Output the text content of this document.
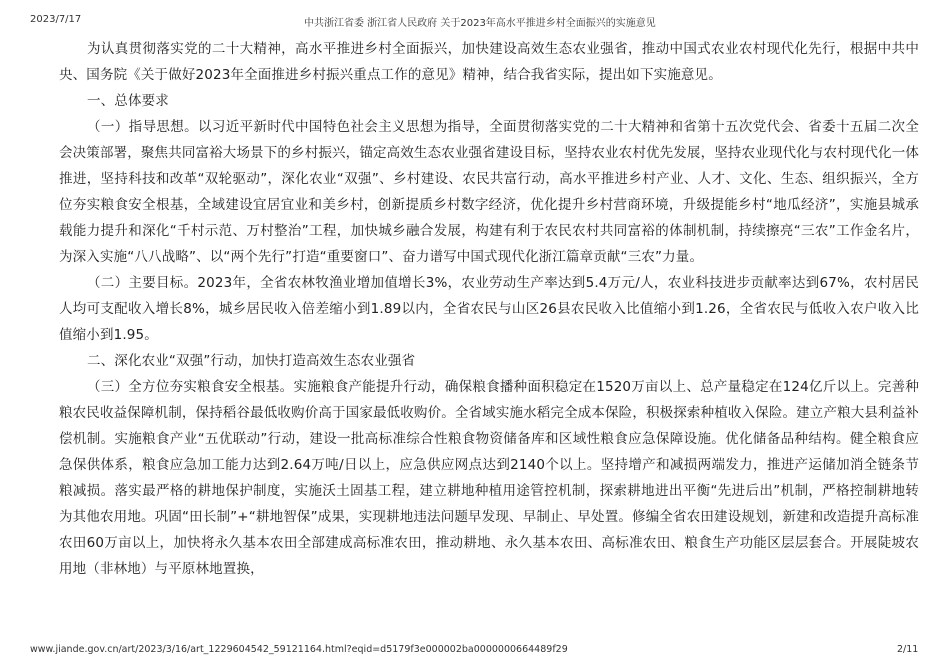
2023/7/17	中共浙江省委 浙江省人民政府 关于2023年高水平推进乡村全面振兴的实施意见

为认真贯彻落实党的二十大精神，高水平推进乡村全面振兴，加快建设高效生态农业强省，推动中国式农业农村现代化先行，根据中共中央、国务院《关于做好2023年全面推进乡村振兴重点工作的意见》精神，结合我省实际，提出如下实施意见。

一、总体要求

（一）指导思想。以习近平新时代中国特色社会主义思想为指导，全面贯彻落实党的二十大精神和省第十五次党代会、省委十五届二次全会决策部署，聚焦共同富裕大场景下的乡村振兴，锚定高效生态农业强省建设目标，坚持农业农村优先发展，坚持农业现代化与农村现代化一体推进，坚持科技和改革“双轮驱动”，深化农业“双强”、乡村建设、农民共富行动，高水平推进乡村产业、人才、文化、生态、组织振兴，全方位夯实粮食安全根基，全域建设宜居宜业和美乡村，创新提质乡村数字经济，优化提升乡村营商环境，升级提能乡村“地瓜经济”，实施县城承载能力提升和深化“千村示范、万村整治”工程，加快城乡融合发展，构建有利于农民农村共同富裕的体制机制，持续擦亮“三农”工作金名片，为深入实施“八八战略”、以“两个先行”打造“重要窗口”、奋力谱写中国式现代化浙江篇章贡献“三农”力量。

（二）主要目标。2023年，全省农林牧渔业增加值增长3%，农业劳动生产率达到5.4万元/人，农业科技进步贡献率达到67%，农村居民人均可支配收入增长8%，城乡居民收入倍差缩小到1.89以内，全省农民与山区26县农民收入比值缩小到1.26，全省农民与低收入农户收入比值缩小到1.95。

二、深化农业“双强”行动，加快打造高效生态农业强省

（三）全方位夯实粮食安全根基。实施粮食产能提升行动，确保粮食播种面积稳定在1520万亩以上、总产量稳定在124亿斤以上。完善种粮农民收益保障机制，保持稻谷最低收购价高于国家最低收购价。全省域实施水稻完全成本保险，积极探索种植收入保险。建立产粮大县利益补偿机制。实施粮食产业“五优联动”行动，建设一批高标准综合性粮食物资储备库和区域性粮食应急保障设施。优化储备品种结构。健全粮食应急保供体系，粮食应急加工能力达到2.64万吨/日以上，应急供应网点达到2140个以上。坚持增产和减损两端发力，推进产运储加消全链条节粮减损。落实最严格的耕地保护制度，实施沃土固基工程，建立耕地种植用途管控机制，探索耕地进出平衡“先进后出”机制，严格控制耕地转为其他农用地。巩固“田长制”+“耕地智保”成果，实现耕地违法问题早发现、早制止、早处置。修编全省农田建设规划，新建和改造提升高标准农田60万亩以上，加快将永久基本农田全部建成高标准农田，推动耕地、永久基本农田、高标准农田、粮食生产功能区层层套合。开展陡坡农用地（非林地）与平原林地置换，

www.jiande.gov.cn/art/2023/3/16/art_1229604542_59121164.html?eqid=d5179f3e000002ba0000000664489f29	2/11
